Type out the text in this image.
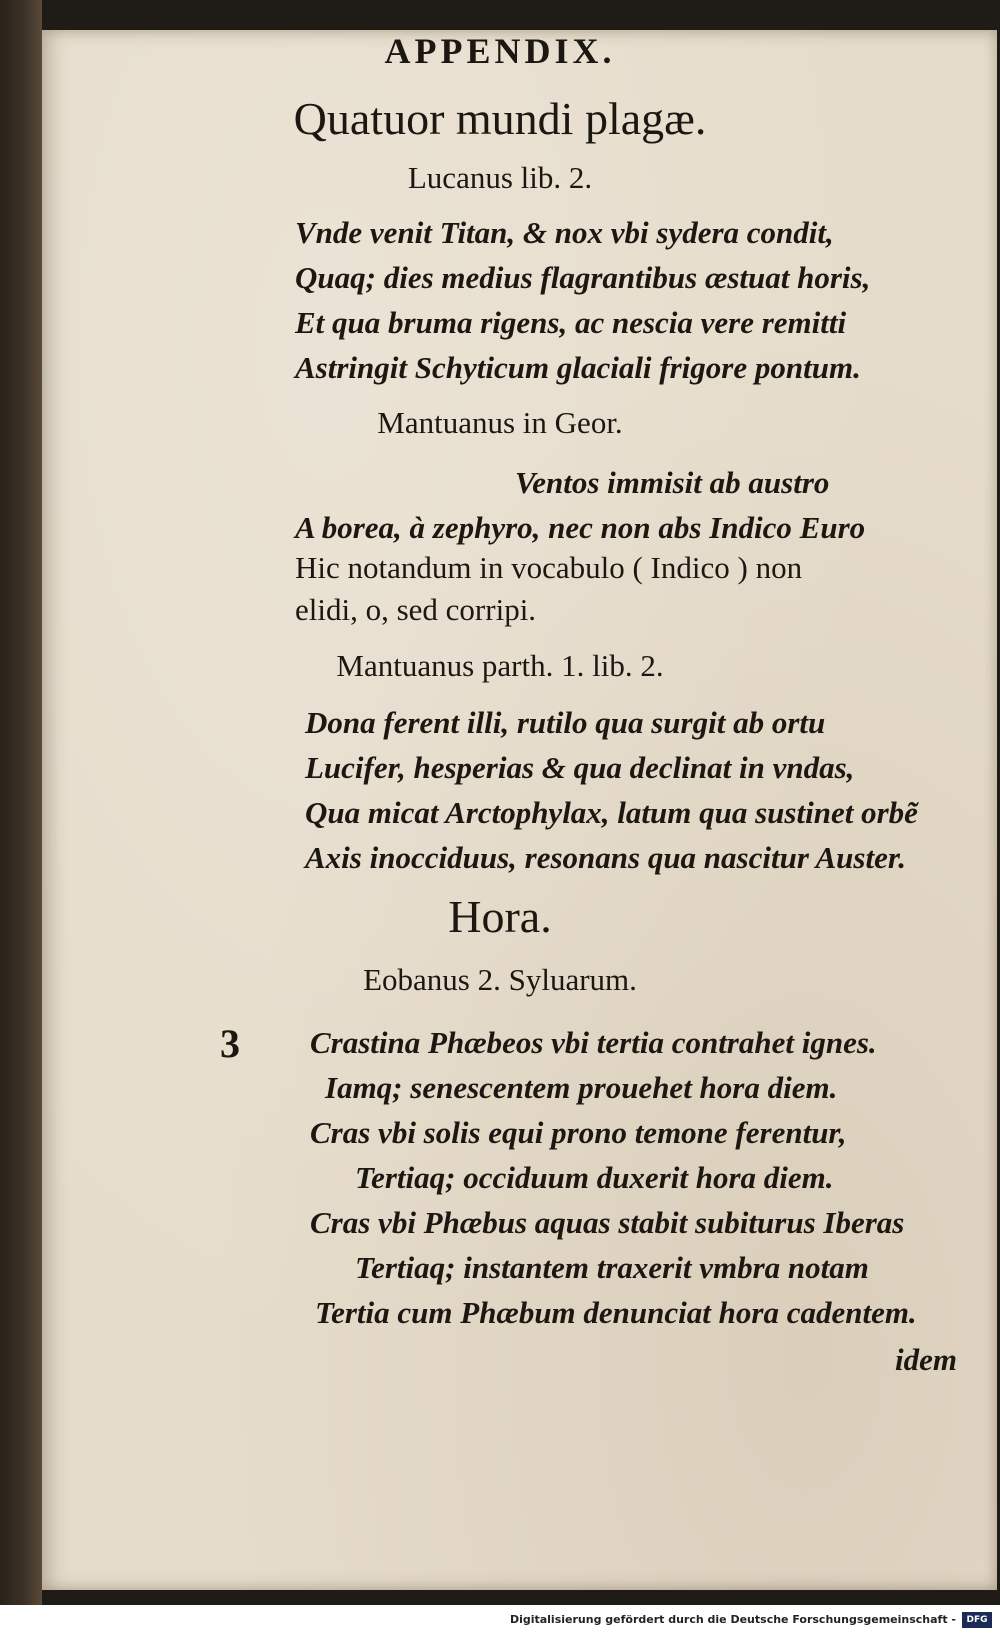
APPENDIX.
Quatuor mundi plagæ.
Lucanus lib. 2.
Vnde venit Titan, & nox vbi sydera condit,
Quaq; dies medius flagrantibus æstuat horis,
Et qua bruma rigens, ac nescia vere remitti
Astringit Schyticum glaciali frigore pontum.
Mantuanus in Geor.
Ventos immisit ab austro
A borea, à zephyro, nec non abs Indico Euro
Hic notandum in vocabulo ( Indico ) non
elidi, o, sed corripi.
Mantuanus parth. 1. lib. 2.
Dona ferent illi, rutilo qua surgit ab ortu
Lucifer, hesperias & qua declinat in vndas,
Qua micat Arctophylax, latum qua sustinet orbẽ
Axis inocciduus, resonans qua nascitur Auster.
Hora.
Eobanus 2. Syluarum.
3 Crastina Phæbeos vbi tertia contrahet ignes.
Iamq; senescentem prouehet hora diem.
Cras vbi solis equi prono temone ferentur,
Tertiaq; occiduum duxerit hora diem.
Cras vbi Phæbus aquas stabit subiturus Iberas
Tertiaq; instantem traxerit vmbra notam
Tertia cum Phæbum denunciat hora cadentem.
idem
Digitalisierung gefördert durch die Deutsche Forschungsgemeinschaft -	DFG
